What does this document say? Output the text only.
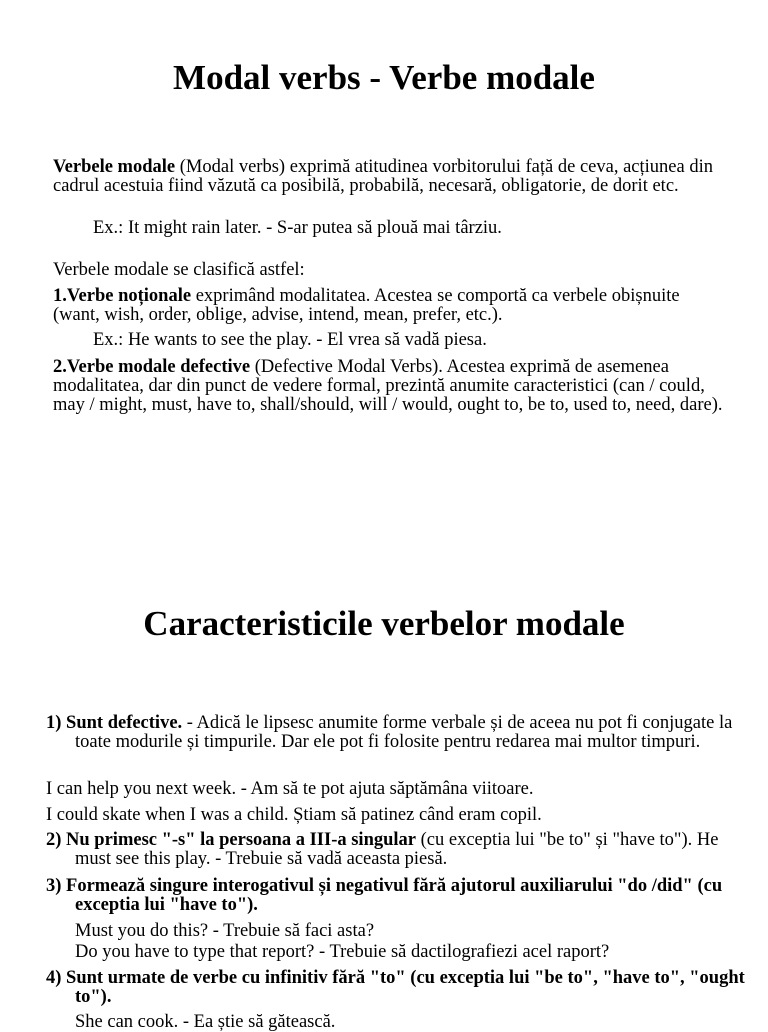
Modal verbs - Verbe modale

Verbele modale (Modal verbs) exprimă atitudinea vorbitorului față de ceva, acțiunea din cadrul acestuia fiind văzută ca posibilă, probabilă, necesară, obligatorie, de dorit etc.

Ex.: It might rain later. - S-ar putea să plouă mai târziu.

Verbele modale se clasifică astfel:

1.Verbe noționale exprimând modalitatea. Acestea se comportă ca verbele obișnuite (want, wish, order, oblige, advise, intend, mean, prefer, etc.).

Ex.: He wants to see the play. - El vrea să vadă piesa.

2.Verbe modale defective (Defective Modal Verbs). Acestea exprimă de asemenea modalitatea, dar din punct de vedere formal, prezintă anumite caracteristici (can / could, may / might, must, have to, shall/should, will / would, ought to, be to, used to, need, dare).

Caracteristicile verbelor modale

1) Sunt defective. - Adică le lipsesc anumite forme verbale și de aceea nu pot fi conjugate la toate modurile și timpurile. Dar ele pot fi folosite pentru redarea mai multor timpuri.

I can help you next week. - Am să te pot ajuta săptămâna viitoare.

I could skate when I was a child. Știam să patinez când eram copil.

2) Nu primesc "-s" la persoana a III-a singular (cu exceptia lui "be to" și "have to"). He must see this play. - Trebuie să vadă aceasta piesă.

3) Formează singure interogativul și negativul fără ajutorul auxiliarului "do /did" (cu exceptia lui "have to").

Must you do this? - Trebuie să faci asta?

Do you have to type that report? - Trebuie să dactilografiezi acel raport?

4) Sunt urmate de verbe cu infinitiv fără "to" (cu exceptia lui "be to", "have to", "ought to").

She can cook. - Ea știe să gătească.
